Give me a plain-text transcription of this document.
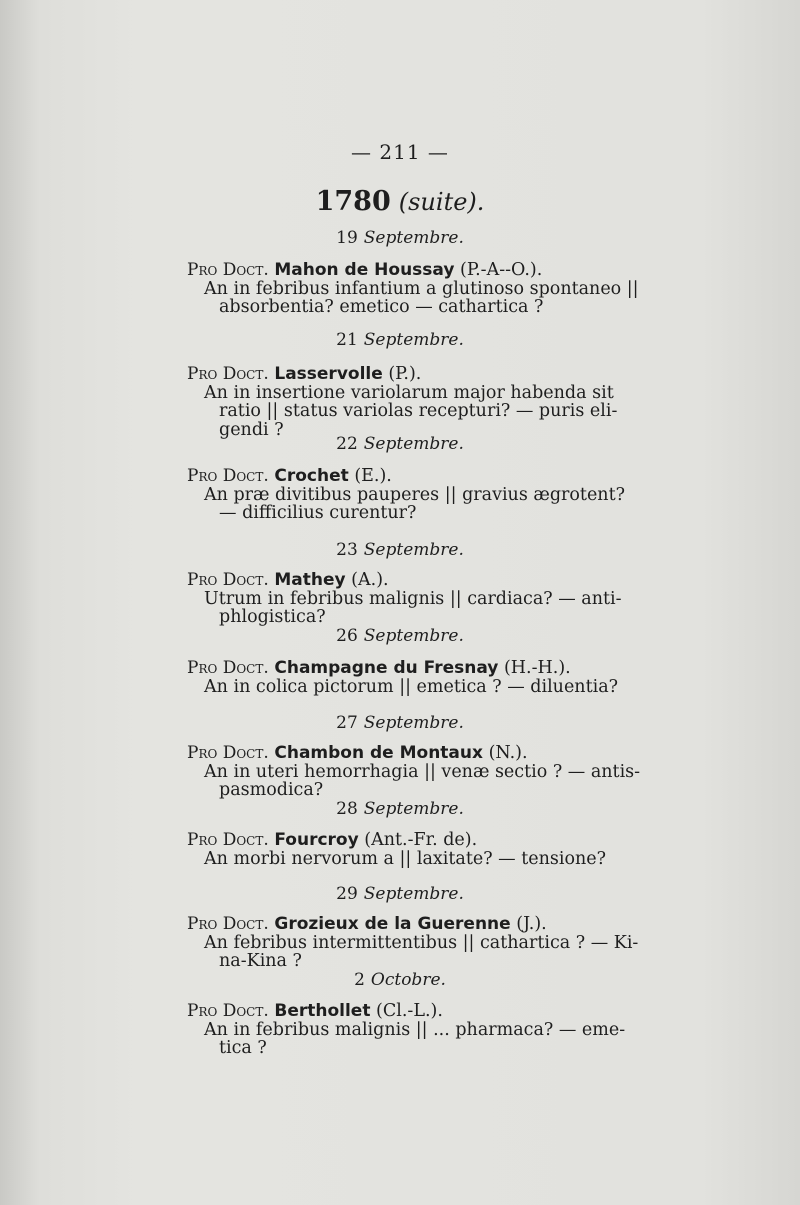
— 211 —
1780 (suite).
19 Septembre.
Pro Doct. Mahon de Houssay (P.-A--O.).
An in febribus infantium a glutinoso spontaneo ||
absorbentia? emetico — cathartica ?
21 Septembre.
Pro Doct. Lasservolle (P.).
An in insertione variolarum major habenda sit
ratio || status variolas recepturi? — puris eli-
gendi ?
22 Septembre.
Pro Doct. Crochet (E.).
An præ divitibus pauperes || gravius ægrotent?
— difficilius curentur?
23 Septembre.
Pro Doct. Mathey (A.).
Utrum in febribus malignis || cardiaca? — anti-
phlogistica?
26 Septembre.
Pro Doct. Champagne du Fresnay (H.-H.).
An in colica pictorum || emetica ? — diluentia?
27 Septembre.
Pro Doct. Chambon de Montaux (N.).
An in uteri hemorrhagia || venæ sectio ? — antis-
pasmodica?
28 Septembre.
Pro Doct. Fourcroy (Ant.-Fr. de).
An morbi nervorum a || laxitate? — tensione?
29 Septembre.
Pro Doct. Grozieux de la Guerenne (J.).
An febribus intermittentibus || cathartica ? — Ki-
na-Kina ?
2 Octobre.
Pro Doct. Berthollet (Cl.-L.).
An in febribus malignis || ... pharmaca? — eme-
tica ?
